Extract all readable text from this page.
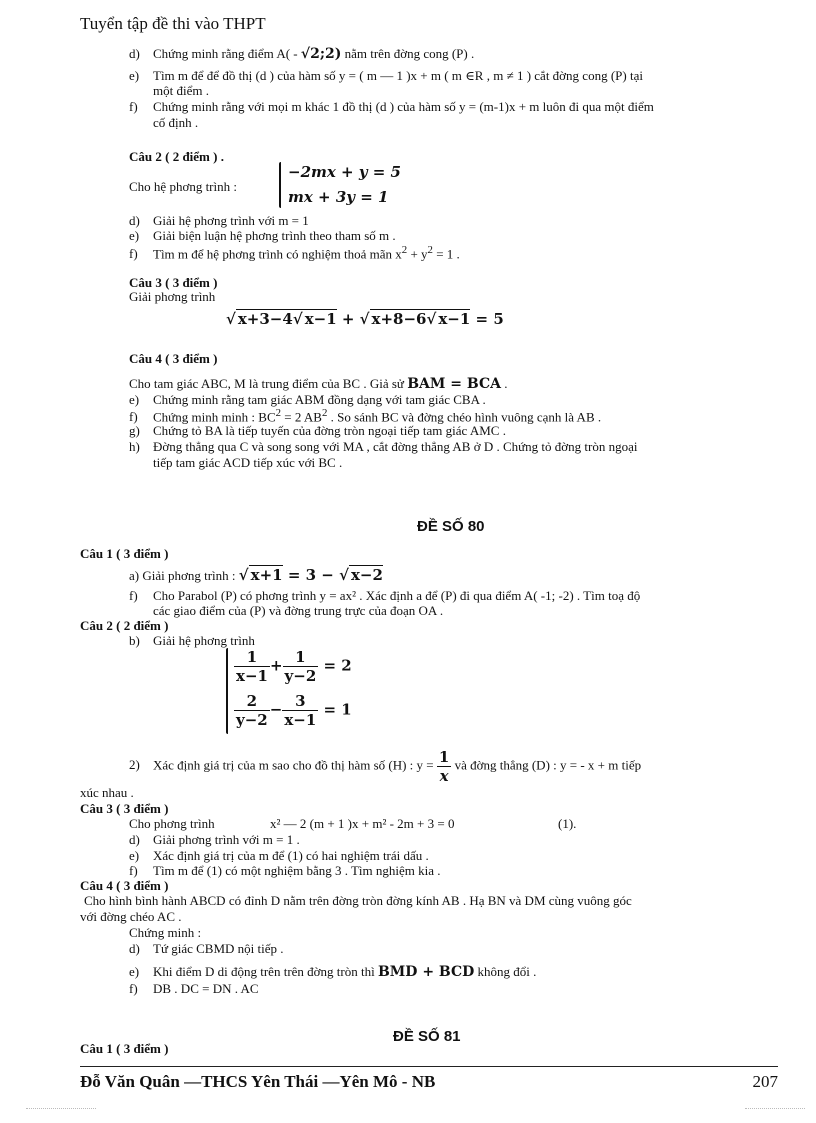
Tuyển tập đề thi vào THPT
d) Chứng minh rằng điểm A( - √2;2) nằm trên đờng cong (P) .
e) Tìm m để để đồ thị (d ) của hàm số y = ( m — 1 )x + m ( m ∈R , m ≠ 1 ) cắt đờng cong (P) tại
một điểm .
f) Chứng minh rằng với mọi m khác 1 đồ thị (d ) của hàm số y = (m-1)x + m luôn đi qua một điểm
cố định .
Câu 2 ( 2 điểm ) .
Cho hệ phơng trình :
−2mx + y = 5
mx + 3y = 1
d) Giải hệ phơng trình với m = 1
e) Giải biện luận hệ phơng trình theo tham số m .
f) Tìm m để hệ phơng trình có nghiệm thoả mãn $x^2 + y^2 = 1$ .
Câu 3 ( 3 điểm )
Giải phơng trình
√ x+3−4√ x−1 + √ x+8−6√ x−1 = 5
Câu 4 ( 3 điểm )
Cho tam giác ABC, M là trung điểm của BC . Giả sử BAM = BCA .
e) Chứng minh rằng tam giác ABM đồng dạng với tam giác CBA .
f) Chứng minh minh : $BC^2 = 2$ $AB^2$ . So sánh BC và đờng chéo hình vuông cạnh là AB .
g) Chứng tỏ BA là tiếp tuyến của đờng tròn ngoại tiếp tam giác AMC .
h) Đờng thẳng qua C và song song với MA , cắt đờng thẳng AB ở D . Chứng tỏ đờng tròn ngoại
tiếp tam giác ACD tiếp xúc với BC .
ĐỀ SỐ 80
Câu 1 ( 3 điểm )
a) Giải phơng trình : √ x+1 = 3 − √ x−2
f) Cho Parabol (P) có phơng trình y = ax² . Xác định a để (P) đi qua điểm A( -1; -2) . Tìm toạ độ
các giao điểm của (P) và đờng trung trực của đoạn OA .
Câu 2 ( 2 điểm )
b) Giải hệ phơng trình
$\frac{1}{x-1} + \frac{1}{y-2} = 2$
$\frac{2}{y-2} - \frac{3}{x-1} = 1$
2) Xác định giá trị của m sao cho đồ thị hàm số (H) : $y = \frac{1}{x}$ và đờng thẳng (D) : y = - x + m tiếp
xúc nhau .
Câu 3 ( 3 điểm )
Cho phơng trình	x² — 2 (m + 1 )x + m² - 2m + 3 = 0	(1).
d) Giải phơng trình với m = 1 .
e) Xác định giá trị của m để (1) có hai nghiệm trái dấu .
f) Tìm m để (1) có một nghiệm bằng 3 . Tìm nghiệm kia .
Câu 4 ( 3 điểm )
Cho hình bình hành ABCD có đỉnh D nằm trên đờng tròn đờng kính AB . Hạ BN và DM cùng vuông góc
với đờng chéo AC .
Chứng minh :
d) Tứ giác CBMD nội tiếp .
e) Khi điểm D di động trên trên đờng tròn thì BMD + BCD không đổi .
f) DB . DC = DN . AC
ĐỀ SỐ 81
Câu 1 ( 3 điểm )
Đỗ Văn Quân —THCS Yên Thái —Yên Mô - NB	207
